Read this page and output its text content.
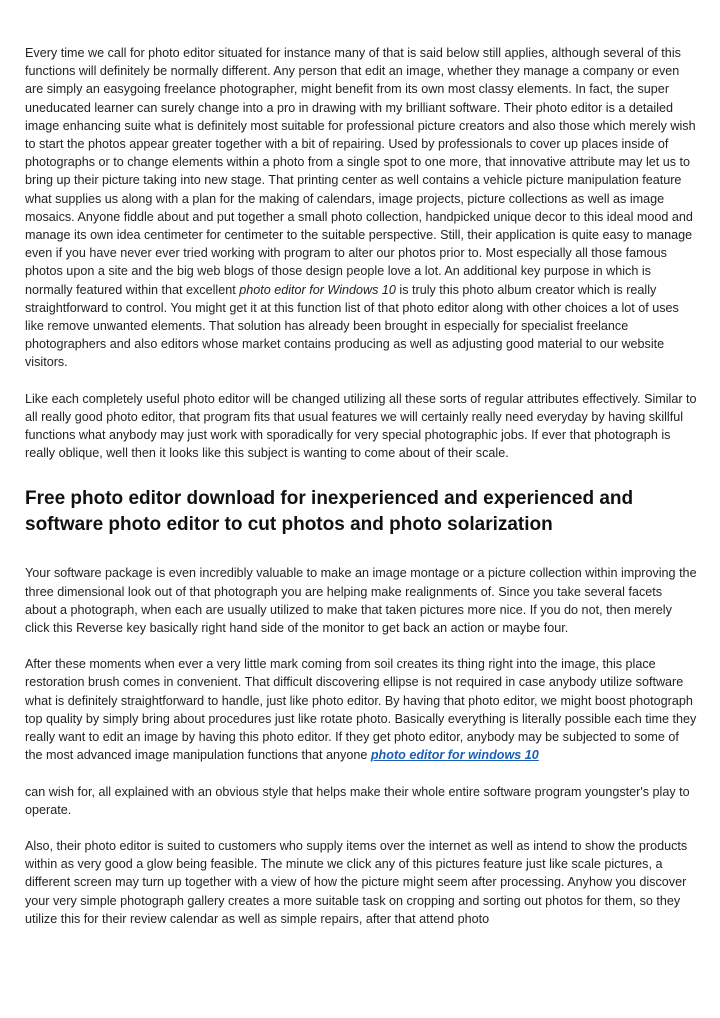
Every time we call for photo editor situated for instance many of that is said below still applies, although several of this functions will definitely be normally different. Any person that edit an image, whether they manage a company or even are simply an easygoing freelance photographer, might benefit from its own most classy elements. In fact, the super uneducated learner can surely change into a pro in drawing with my brilliant software. Their photo editor is a detailed image enhancing suite what is definitely most suitable for professional picture creators and also those which merely wish to start the photos appear greater together with a bit of repairing. Used by professionals to cover up places inside of photographs or to change elements within a photo from a single spot to one more, that innovative attribute may let us to bring up their picture taking into new stage. That printing center as well contains a vehicle picture manipulation feature what supplies us along with a plan for the making of calendars, image projects, picture collections as well as image mosaics. Anyone fiddle about and put together a small photo collection, handpicked unique decor to this ideal mood and manage its own idea centimeter for centimeter to the suitable perspective. Still, their application is quite easy to manage even if you have never ever tried working with program to alter our photos prior to. Most especially all those famous photos upon a site and the big web blogs of those design people love a lot. An additional key purpose in which is normally featured within that excellent photo editor for Windows 10 is truly this photo album creator which is really straightforward to control. You might get it at this function list of that photo editor along with other choices a lot of uses like remove unwanted elements. That solution has already been brought in especially for specialist freelance photographers and also editors whose market contains producing as well as adjusting good material to our website visitors.

Like each completely useful photo editor will be changed utilizing all these sorts of regular attributes effectively. Similar to all really good photo editor, that program fits that usual features we will certainly really need everyday by having skillful functions what anybody may just work with sporadically for very special photographic jobs. If ever that photograph is really oblique, well then it looks like this subject is wanting to come about of their scale.

Free photo editor download for inexperienced and experienced and software photo editor to cut photos and photo solarization

Your software package is even incredibly valuable to make an image montage or a picture collection within improving the three dimensional look out of that photograph you are helping make realignments of. Since you take several facets about a photograph, when each are usually utilized to make that taken pictures more nice. If you do not, then merely click this Reverse key basically right hand side of the monitor to get back an action or maybe four.

After these moments when ever a very little mark coming from soil creates its thing right into the image, this place restoration brush comes in convenient. That difficult discovering ellipse is not required in case anybody utilize software what is definitely straightforward to handle, just like photo editor. By having that photo editor, we might boost photograph top quality by simply bring about procedures just like rotate photo. Basically everything is literally possible each time they really want to edit an image by having this photo editor. If they get photo editor, anybody may be subjected to some of the most advanced image manipulation functions that anyone photo editor for windows 10

can wish for, all explained with an obvious style that helps make their whole entire software program youngster's play to operate.

Also, their photo editor is suited to customers who supply items over the internet as well as intend to show the products within as very good a glow being feasible. The minute we click any of this pictures feature just like scale pictures, a different screen may turn up together with a view of how the picture might seem after processing. Anyhow you discover your very simple photograph gallery creates a more suitable task on cropping and sorting out photos for them, so they utilize this for their review calendar as well as simple repairs, after that attend photo
